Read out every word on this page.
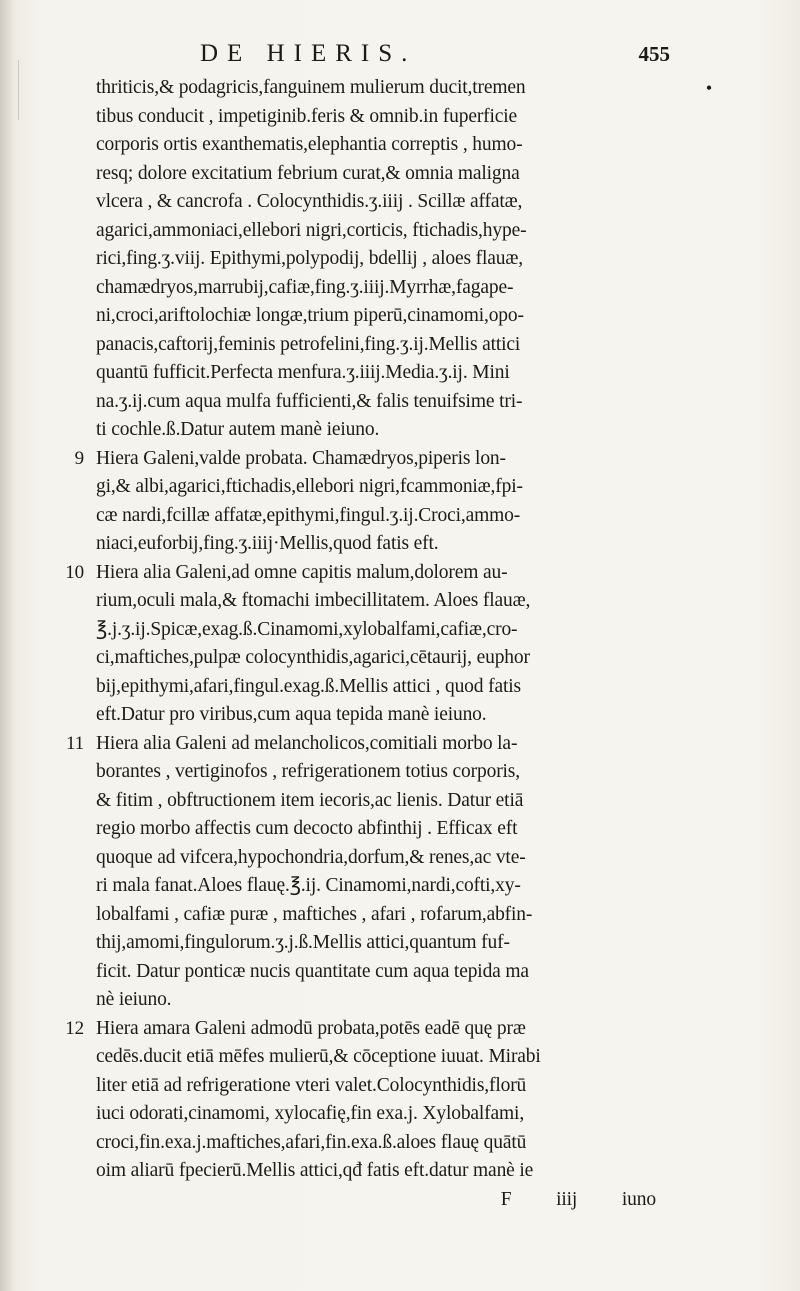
DE HIERIS.	455
thriticis,& podagricis,fanguinem mulierum ducit,tremen	•
tibus conducit , impetiginib.feris & omnib.in fuperficie
corporis ortis exanthematis,elephantia correptis , humo-
resq; dolore excitatium febrium curat,& omnia maligna
vlcera , & cancrofa . Colocynthidis.ʒ.iiij . Scillæ affatæ,
agarici,ammoniaci,ellebori nigri,corticis, ftichadis,hype-
rici,fing.ʒ.viij. Epithymi,polypodij, bdellij , aloes flauæ,
chamædryos,marrubij,cafiæ,fing.ʒ.iiij.Myrrhæ,fagape-
ni,croci,ariftolochiæ longæ,trium piperū,cinamomi,opo-
panacis,caftorij,feminis petrofelini,fing.ʒ.ij.Mellis attici
quantū fufficit.Perfecta menfura.ʒ.iiij.Media.ʒ.ij. Mini
na.ʒ.ij.cum aqua mulfa fufficienti,& falis tenuifsime tri-
ti cochle.ß.Datur autem manè ieiuno.
9 Hiera Galeni,valde probata. Chamædryos,piperis lon-
gi,& albi,agarici,ftichadis,ellebori nigri,fcammoniæ,fpi-
cæ nardi,fcillæ affatæ,epithymi,fingul.ʒ.ij.Croci,ammo-
niaci,euforbij,fing.ʒ.iiij·Mellis,quod fatis eft.
10 Hiera alia Galeni,ad omne capitis malum,dolorem au-
rium,oculi mala,& ftomachi imbecillitatem. Aloes flauæ,
℥.j.ʒ.ij.Spicæ,exag.ß.Cinamomi,xylobalfami,cafiæ,cro-
ci,maftiches,pulpæ colocynthidis,agarici,cētaurij, euphor
bij,epithymi,afari,fingul.exag.ß.Mellis attici , quod fatis
eft.Datur pro viribus,cum aqua tepida manè ieiuno.
11 Hiera alia Galeni ad melancholicos,comitiali morbo la-
borantes , vertiginofos , refrigerationem totius corporis,
& fitim , obftructionem item iecoris,ac lienis. Datur etiā
regio morbo affectis cum decocto abfinthij . Efficax eft
quoque ad vifcera,hypochondria,dorfum,& renes,ac vte-
ri mala fanat.Aloes flauę.℥.ij. Cinamomi,nardi,cofti,xy-
lobalfami , cafiæ puræ , maftiches , afari , rofarum,abfin-
thij,amomi,fingulorum.ʒ.j.ß.Mellis attici,quantum fuf-
ficit. Datur ponticæ nucis quantitate cum aqua tepida ma
nè ieiuno.
12 Hiera amara Galeni admodū probata,potēs eadē quę præ
cedēs.ducit etiā mēfes mulierū,& cōceptione iuuat. Mirabi
liter etiā ad refrigeratione vteri valet.Colocynthidis,florū
iuci odorati,cinamomi, xylocafię,fin exa.j. Xylobalfami,
croci,fin.exa.j.maftiches,afari,fin.exa.ß.aloes flauę quātū
oim aliarū fpecierū.Mellis attici,qđ fatis eft.datur manè ie
F iiij iuno
